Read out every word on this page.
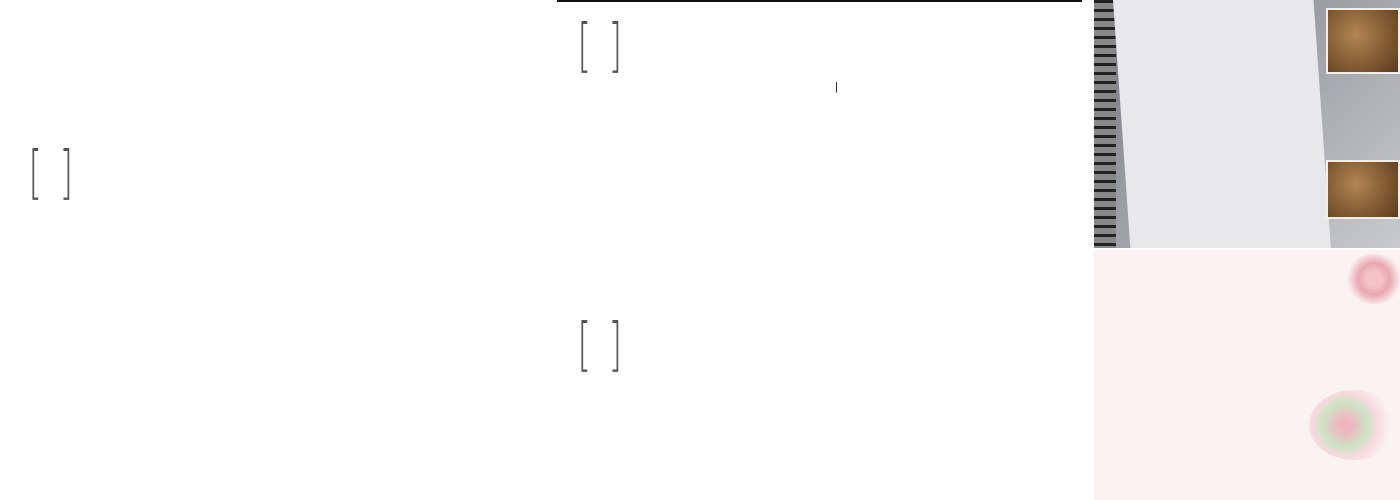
[ ]
[ ]
|
[ ]
